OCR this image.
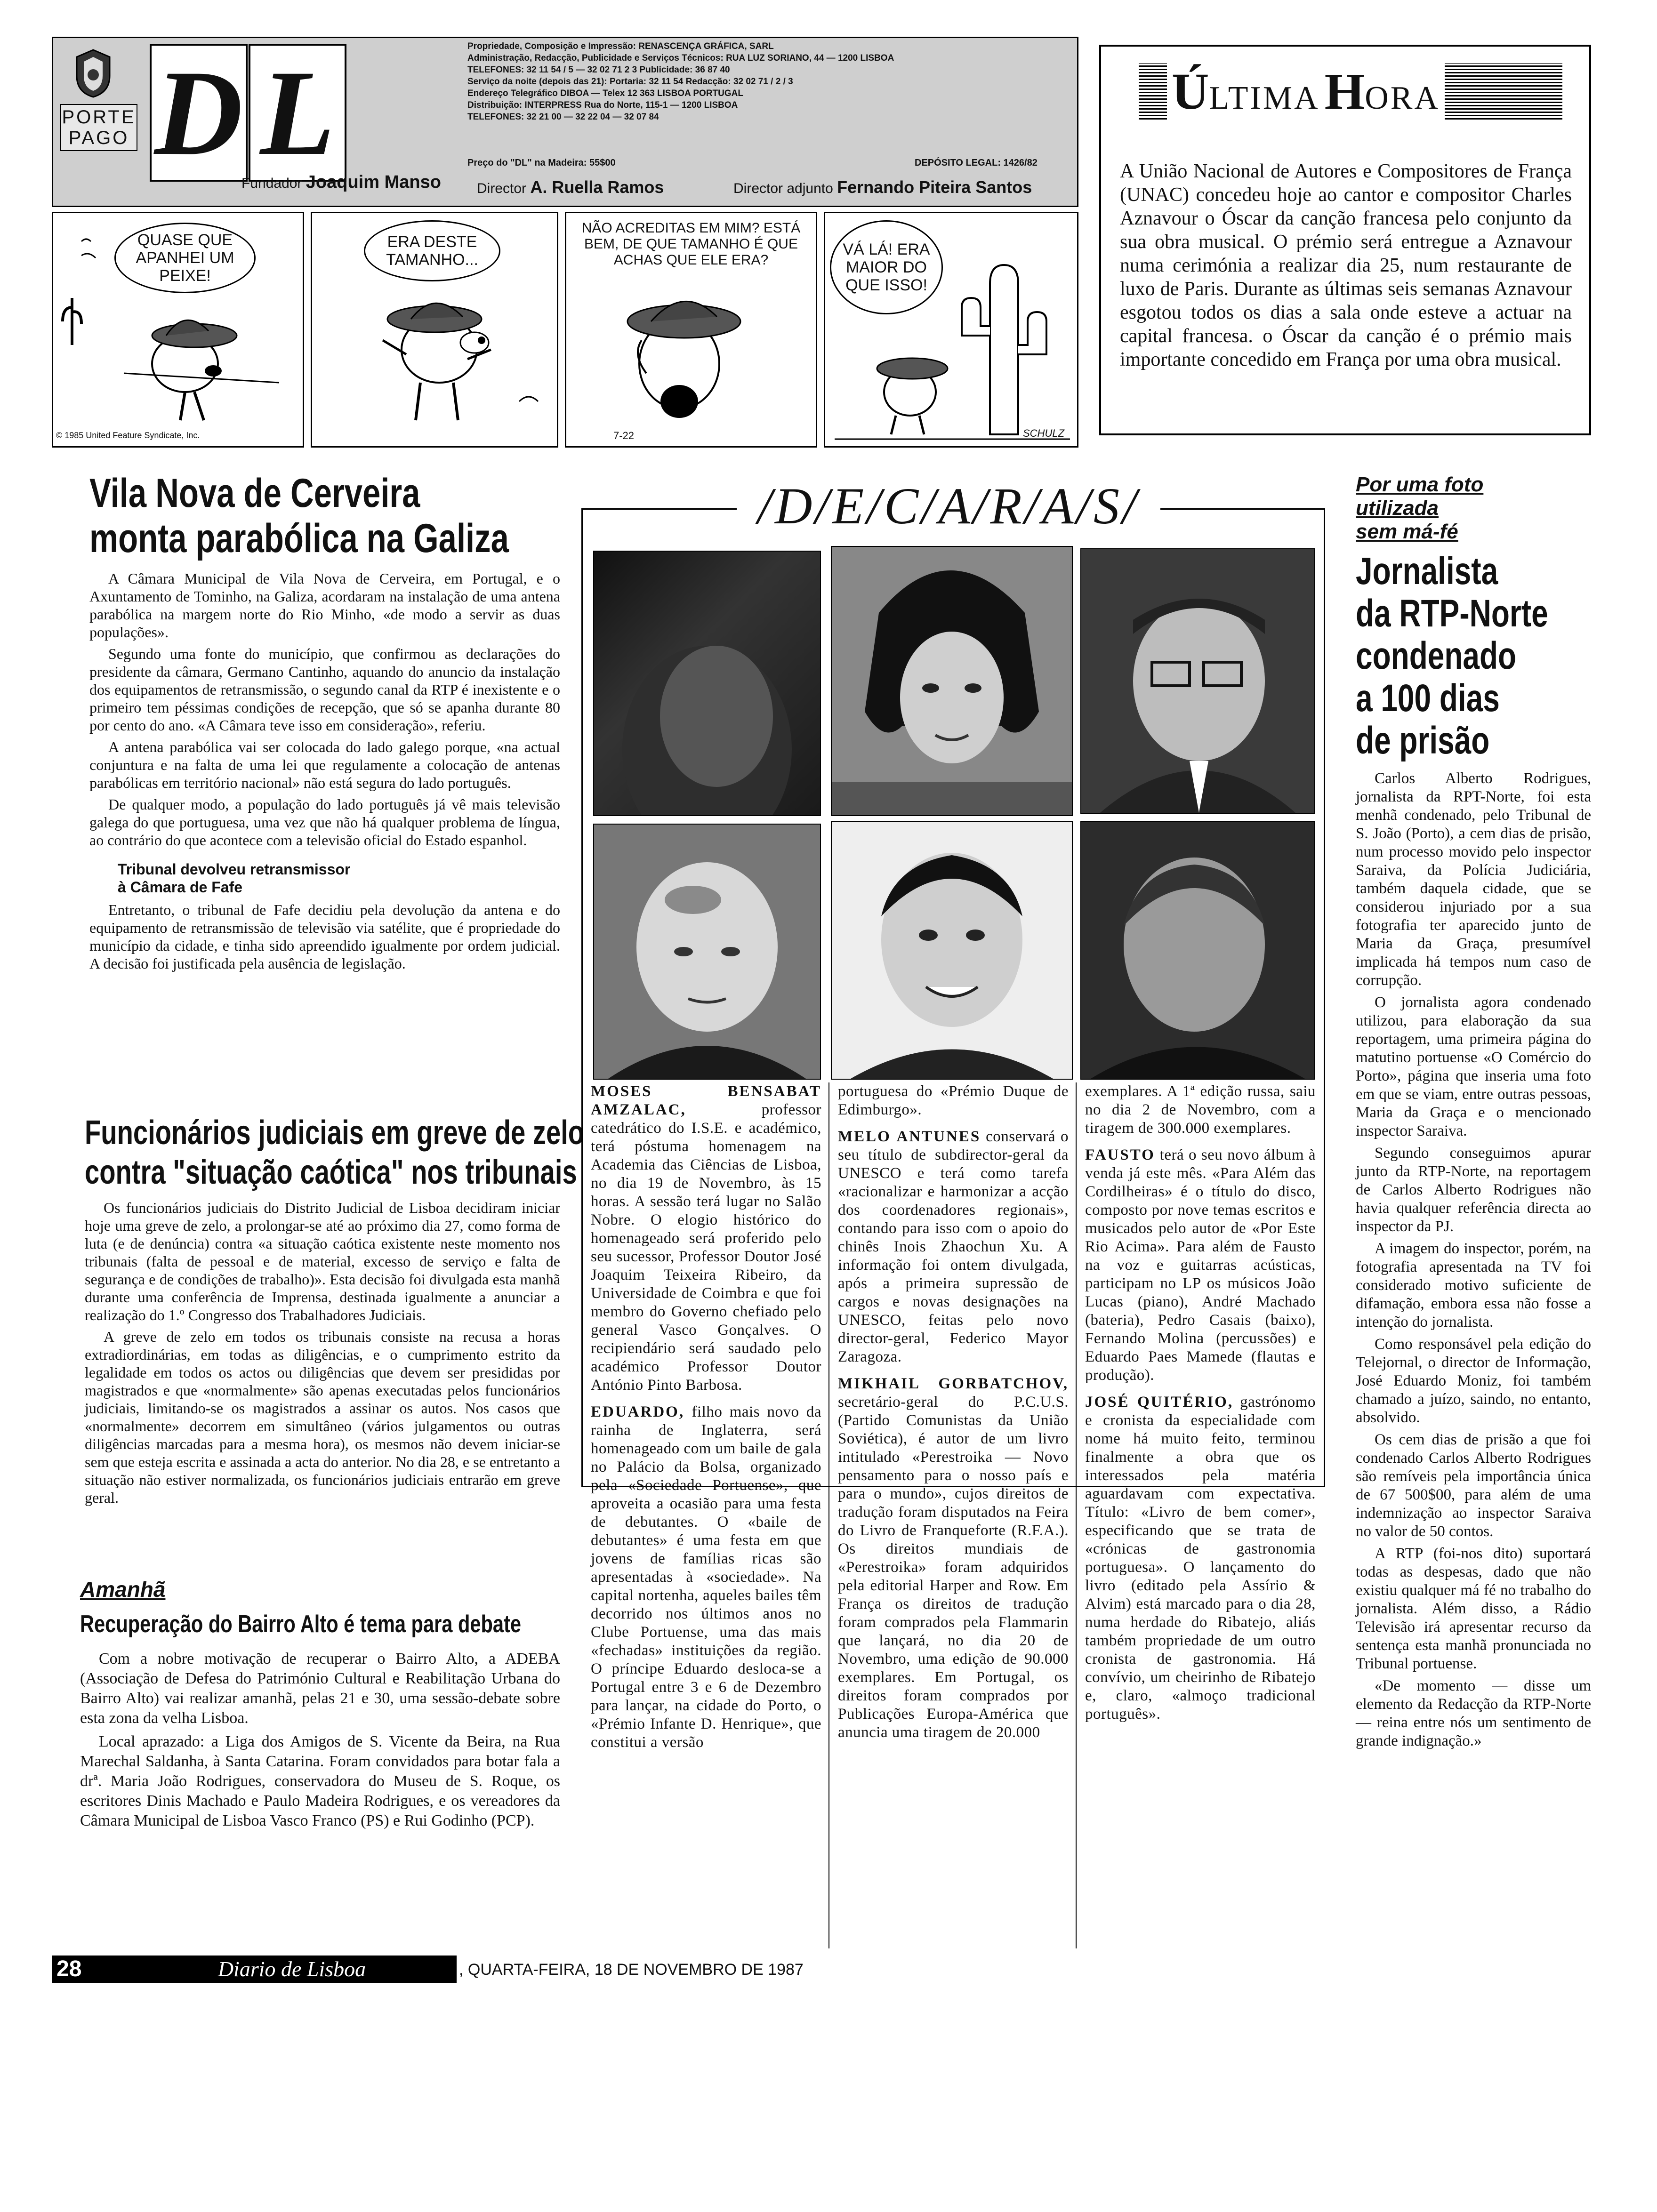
PORTE PAGO D L	Propriedade, Composição e Impressão: RENASCENÇA GRÁFICA, SARL
Administração, Redacção, Publicidade e Serviços Técnicos: RUA LUZ SORIANO, 44 — 1200 LISBOA
TELEFONES: 32 11 54 / 5 — 32 02 71 2 3 Publicidade: 36 87 40
Serviço da noite (depois das 21): Portaria: 32 11 54 Redacção: 32 02 71 / 2 / 3
Endereço Telegráfico DIBOA — Telex 12 363 LISBOA PORTUGAL
Distribuição: INTERPRESS Rua do Norte, 115-1 — 1200 LISBOA
TELEFONES: 32 21 00 — 32 22 04 — 32 07 84
DEPÓSITO LEGAL: 1426/82
Preço do "DL" na Madeira: 55$00
Fundador Joaquim Manso	Director A. Ruella Ramos	Director adjunto Fernando Piteira Santos
QUASE QUE APANHEI UM PEIXE!
© 1985 United Feature Syndicate, Inc.
ERA DESTE TAMANHO...
NÃO ACREDITAS EM MIM? ESTÁ BEM, DE QUE TAMANHO É QUE ACHAS QUE ELE ERA?
7-22
VÁ LÁ! ERA MAIOR DO QUE ISSO!
SCHULZ
ÚLTIMAHORA
A União Nacional de Autores e Compositores de França (UNAC) concedeu hoje ao cantor e compositor Charles Aznavour o Óscar da canção francesa pelo conjunto da sua obra musical. O prémio será entregue a Aznavour numa cerimónia a realizar dia 25, num restaurante de luxo de Paris. Durante as últimas seis semanas Aznavour esgotou todos os dias a sala onde esteve a actuar na capital francesa. o Óscar da canção é o prémio mais importante concedido em França por uma obra musical.
Vila Nova de Cerveira
monta parabólica na Galiza

A Câmara Municipal de Vila Nova de Cerveira, em Portugal, e o Axuntamento de Tominho, na Galiza, acordaram na instalação de uma antena parabólica na margem norte do Rio Minho, «de modo a servir as duas populações».

Segundo uma fonte do município, que confirmou as declarações do presidente da câmara, Germano Cantinho, aquando do anuncio da instalação dos equipamentos de retransmissão, o segundo canal da RTP é inexistente e o primeiro tem péssimas condições de recepção, que só se apanha durante 80 por cento do ano. «A Câmara teve isso em consideração», referiu.

A antena parabólica vai ser colocada do lado galego porque, «na actual conjuntura e na falta de uma lei que regulamente a colocação de antenas parabólicas em território nacional» não está segura do lado português.

De qualquer modo, a população do lado português já vê mais televisão galega do que portuguesa, uma vez que não há qualquer problema de língua, ao contrário do que acontece com a televisão oficial do Estado espanhol.

Tribunal devolveu retransmissor
à Câmara de Fafe

Entretanto, o tribunal de Fafe decidiu pela devolução da antena e do equipamento de retransmissão de televisão via satélite, que é propriedade do município da cidade, e tinha sido apreendido igualmente por ordem judicial. A decisão foi justificada pela ausência de legislação.

Funcionários judiciais em greve de zelo
contra "situação caótica" nos tribunais

Os funcionários judiciais do Distrito Judicial de Lisboa decidiram iniciar hoje uma greve de zelo, a prolongar-se até ao próximo dia 27, como forma de luta (e de denúncia) contra «a situação caótica existente neste momento nos tribunais (falta de pessoal e de material, excesso de serviço e falta de segurança e de condições de trabalho)». Esta decisão foi divulgada esta manhã durante uma conferência de Imprensa, destinada igualmente a anunciar a realização do 1.º Congresso dos Trabalhadores Judiciais.

A greve de zelo em todos os tribunais consiste na recusa a horas extradiordinárias, em todas as diligências, e o cumprimento estrito da legalidade em todos os actos ou diligências que devem ser presididas por magistrados e que «normalmente» são apenas executadas pelos funcionários judiciais, limitando-se os magistrados a assinar os autos. Nos casos que «normalmente» decorrem em simultâneo (vários julgamentos ou outras diligências marcadas para a mesma hora), os mesmos não devem iniciar-se sem que esteja escrita e assinada a acta do anterior. No dia 28, e se entretanto a situação não estiver normalizada, os funcionários judiciais entrarão em greve geral.

Amanhã
Recuperação do Bairro Alto é tema para debate

Com a nobre motivação de recuperar o Bairro Alto, a ADEBA (Associação de Defesa do Património Cultural e Reabilitação Urbana do Bairro Alto) vai realizar amanhã, pelas 21 e 30, uma sessão-debate sobre esta zona da velha Lisboa.

Local aprazado: a Liga dos Amigos de S. Vicente da Beira, na Rua Marechal Saldanha, à Santa Catarina. Foram convidados para botar fala a drª. Maria João Rodrigues, conservadora do Museu de S. Roque, os escritores Dinis Machado e Paulo Madeira Rodrigues, e os vereadores da Câmara Municipal de Lisboa Vasco Franco (PS) e Rui Godinho (PCP).

/D/E/C/A/R/A/S/

MOSES BENSABAT AMZALAC, professor catedrático do I.S.E. e académico, terá póstuma homenagem na Academia das Ciências de Lisboa, no dia 19 de Novembro, às 15 horas. A sessão terá lugar no Salão Nobre. O elogio histórico do homenageado será proferido pelo seu sucessor, Professor Doutor José Joaquim Teixeira Ribeiro, da Universidade de Coimbra e que foi membro do Governo chefiado pelo general Vasco Gonçalves. O recipiendário será saudado pelo académico Professor Doutor António Pinto Barbosa.

EDUARDO, filho mais novo da rainha de Inglaterra, será homenageado com um baile de gala no Palácio da Bolsa, organizado pela «Sociedade Portuense», que aproveita a ocasião para uma festa de debutantes. O «baile de debutantes» é uma festa em que jovens de famílias ricas são apresentadas à «sociedade». Na capital nortenha, aqueles bailes têm decorrido nos últimos anos no Clube Portuense, uma das mais «fechadas» instituições da região. O príncipe Eduardo desloca-se a Portugal entre 3 e 6 de Dezembro para lançar, na cidade do Porto, o «Prémio Infante D. Henrique», que constitui a versão

portuguesa do «Prémio Duque de Edimburgo».

MELO ANTUNES conservará o seu título de subdirector-geral da UNESCO e terá como tarefa «racionalizar e harmonizar a acção dos coordenadores regionais», contando para isso com o apoio do chinês Inois Zhaochun Xu. A informação foi ontem divulgada, após a primeira supressão de cargos e novas designações na UNESCO, feitas pelo novo director-geral, Federico Mayor Zaragoza.

MIKHAIL GORBATCHOV, secretário-geral do P.C.U.S. (Partido Comunistas da União Soviética), é autor de um livro intitulado «Perestroika — Novo pensamento para o nosso país e para o mundo», cujos direitos de tradução foram disputados na Feira do Livro de Franqueforte (R.F.A.). Os direitos mundiais de «Perestroika» foram adquiridos pela editorial Harper and Row. Em França os direitos de tradução foram comprados pela Flammarin que lançará, no dia 20 de Novembro, uma edição de 90.000 exemplares. Em Portugal, os direitos foram comprados por Publicações Europa-América que anuncia uma tiragem de 20.000

exemplares. A 1ª edição russa, saiu no dia 2 de Novembro, com a tiragem de 300.000 exemplares.

FAUSTO terá o seu novo álbum à venda já este mês. «Para Além das Cordilheiras» é o título do disco, composto por nove temas escritos e musicados pelo autor de «Por Este Rio Acima». Para além de Fausto na voz e guitarras acústicas, participam no LP os músicos João Lucas (piano), André Machado (bateria), Pedro Casais (baixo), Fernando Molina (percussões) e Eduardo Paes Mamede (flautas e produção).

JOSÉ QUITÉRIO, gastrónomo e cronista da especialidade com nome há muito feito, terminou finalmente a obra que os interessados pela matéria aguardavam com expectativa. Título: «Livro de bem comer», especificando que se trata de «crónicas de gastronomia portuguesa». O lançamento do livro (editado pela Assírio & Alvim) está marcado para o dia 28, numa herdade do Ribatejo, aliás também propriedade de um outro cronista de gastronomia. Há convívio, um cheirinho de Ribatejo e, claro, «almoço tradicional português».

Por uma foto
utilizada
sem má-fé
Jornalista
da RTP-Norte
condenado
a 100 dias
de prisão

Carlos Alberto Rodrigues, jornalista da RPT-Norte, foi esta menhã condenado, pelo Tribunal de S. João (Porto), a cem dias de prisão, num processo movido pelo inspector Saraiva, da Polícia Judiciária, também daquela cidade, que se considerou injuriado por a sua fotografia ter aparecido junto de Maria da Graça, presumível implicada há tempos num caso de corrupção.

O jornalista agora condenado utilizou, para elaboração da sua reportagem, uma primeira página do matutino portuense «O Comércio do Porto», página que inseria uma foto em que se viam, entre outras pessoas, Maria da Graça e o mencionado inspector Saraiva.

Segundo conseguimos apurar junto da RTP-Norte, na reportagem de Carlos Alberto Rodrigues não havia qualquer referência directa ao inspector da PJ.

A imagem do inspector, porém, na fotografia apresentada na TV foi considerado motivo suficiente de difamação, embora essa não fosse a intenção do jornalista.

Como responsável pela edição do Telejornal, o director de Informação, José Eduardo Moniz, foi também chamado a juízo, saindo, no entanto, absolvido.

Os cem dias de prisão a que foi condenado Carlos Alberto Rodrigues são remíveis pela importância única de 67 500$00, para além de uma indemnização ao inspector Saraiva no valor de 50 contos.

A RTP (foi-nos dito) suportará todas as despesas, dado que não existiu qualquer má fé no trabalho do jornalista. Além disso, a Rádio Televisão irá apresentar recurso da sentença esta manhã pronunciada no Tribunal portuense.

«De momento — disse um elemento da Redacção da RTP-Norte — reina entre nós um sentimento de grande indignação.»

28	Diario de Lisboa	, QUARTA-FEIRA, 18 DE NOVEMBRO DE 1987
